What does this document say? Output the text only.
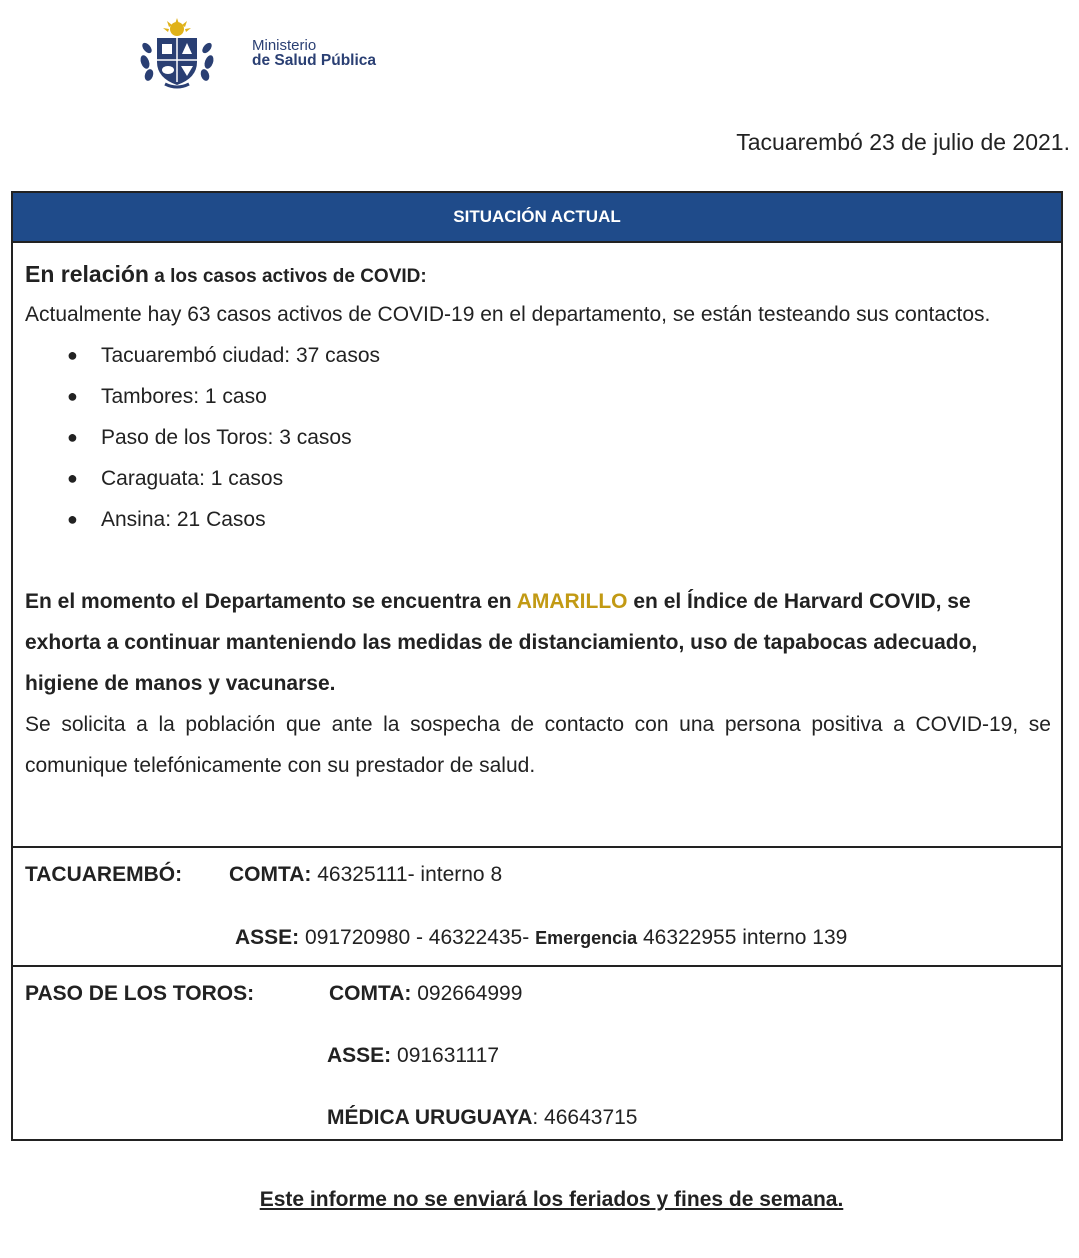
Ministerio
de Salud Pública
Tacuarembó 23 de julio de 2021.
SITUACIÓN ACTUAL
En relación a los casos activos de COVID:
Actualmente hay 63 casos activos de COVID-19 en el departamento, se están testeando sus contactos.
● Tacuarembó ciudad: 37 casos
● Tambores: 1 caso
● Paso de los Toros: 3 casos
● Caraguata: 1 casos
● Ansina: 21 Casos
En el momento el Departamento se encuentra en AMARILLO en el Índice de Harvard COVID, se exhorta a continuar manteniendo las medidas de distanciamiento, uso de tapabocas adecuado, higiene de manos y vacunarse.
Se solicita a la población que ante la sospecha de contacto con una persona positiva a COVID-19, se comunique telefónicamente con su prestador de salud.
TACUAREMBÓ: COMTA: 46325111- interno 8
ASSE: 091720980 - 46322435- Emergencia 46322955 interno 139
PASO DE LOS TOROS:	COMTA: 092664999
ASSE: 091631117
MÉDICA URUGUAYA: 46643715
Este informe no se enviará los feriados y fines de semana.
